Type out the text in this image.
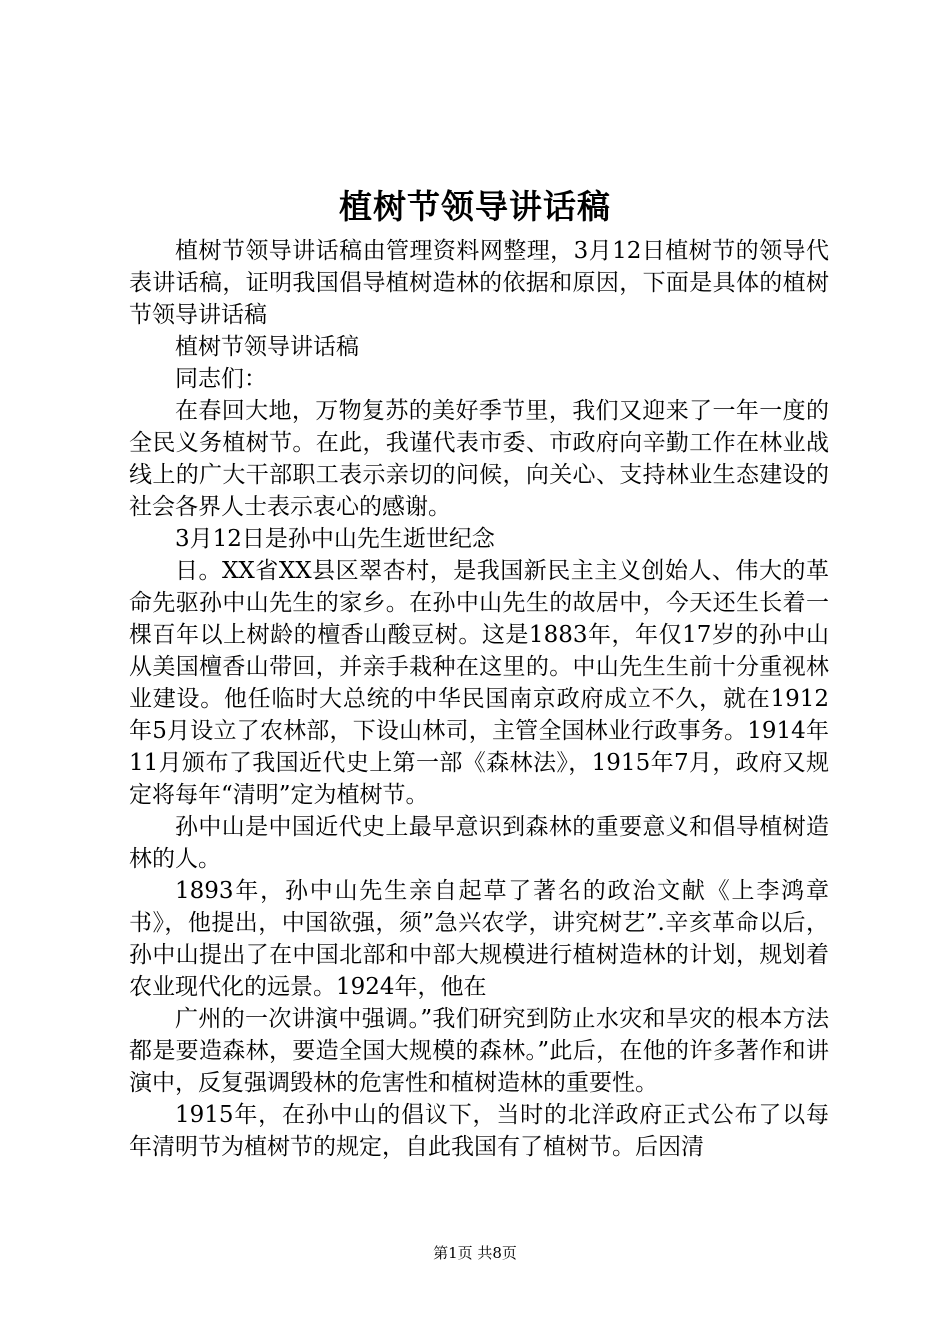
植树节领导讲话稿

植树节领导讲话稿由管理资料网整理，3月12日植树节的领导代表讲话稿，证明我国倡导植树造林的依据和原因，下面是具体的植树节领导讲话稿

植树节领导讲话稿

同志们：

在春回大地，万物复苏的美好季节里，我们又迎来了一年一度的全民义务植树节。在此，我谨代表市委、市政府向辛勤工作在林业战线上的广大干部职工表示亲切的问候，向关心、支持林业生态建设的社会各界人士表示衷心的感谢。

3月12日是孙中山先生逝世纪念

日。XX省XX县区翠杏村，是我国新民主主义创始人、伟大的革命先驱孙中山先生的家乡。在孙中山先生的故居中，今天还生长着一棵百年以上树龄的檀香山酸豆树。这是1883年，年仅17岁的孙中山从美国檀香山带回，并亲手栽种在这里的。中山先生生前十分重视林业建设。他任临时大总统的中华民国南京政府成立不久，就在1912年5月设立了农林部，下设山林司，主管全国林业行政事务。1914年11月颁布了我国近代史上第一部《森林法》，1915年7月，政府又规定将每年“清明”定为植树节。

孙中山是中国近代史上最早意识到森林的重要意义和倡导植树造林的人。

1893年，孙中山先生亲自起草了著名的政治文献《上李鸿章书》，他提出，中国欲强，须”急兴农学，讲究树艺”.辛亥革命以后，孙中山提出了在中国北部和中部大规模进行植树造林的计划，规划着农业现代化的远景。1924年，他在

广州的一次讲演中强调。”我们研究到防止水灾和旱灾的根本方法都是要造森林，要造全国大规模的森林。”此后，在他的许多著作和讲演中，反复强调毁林的危害性和植树造林的重要性。

1915年，在孙中山的倡议下，当时的北洋政府正式公布了以每年清明节为植树节的规定，自此我国有了植树节。后因清

第1页 共8页
